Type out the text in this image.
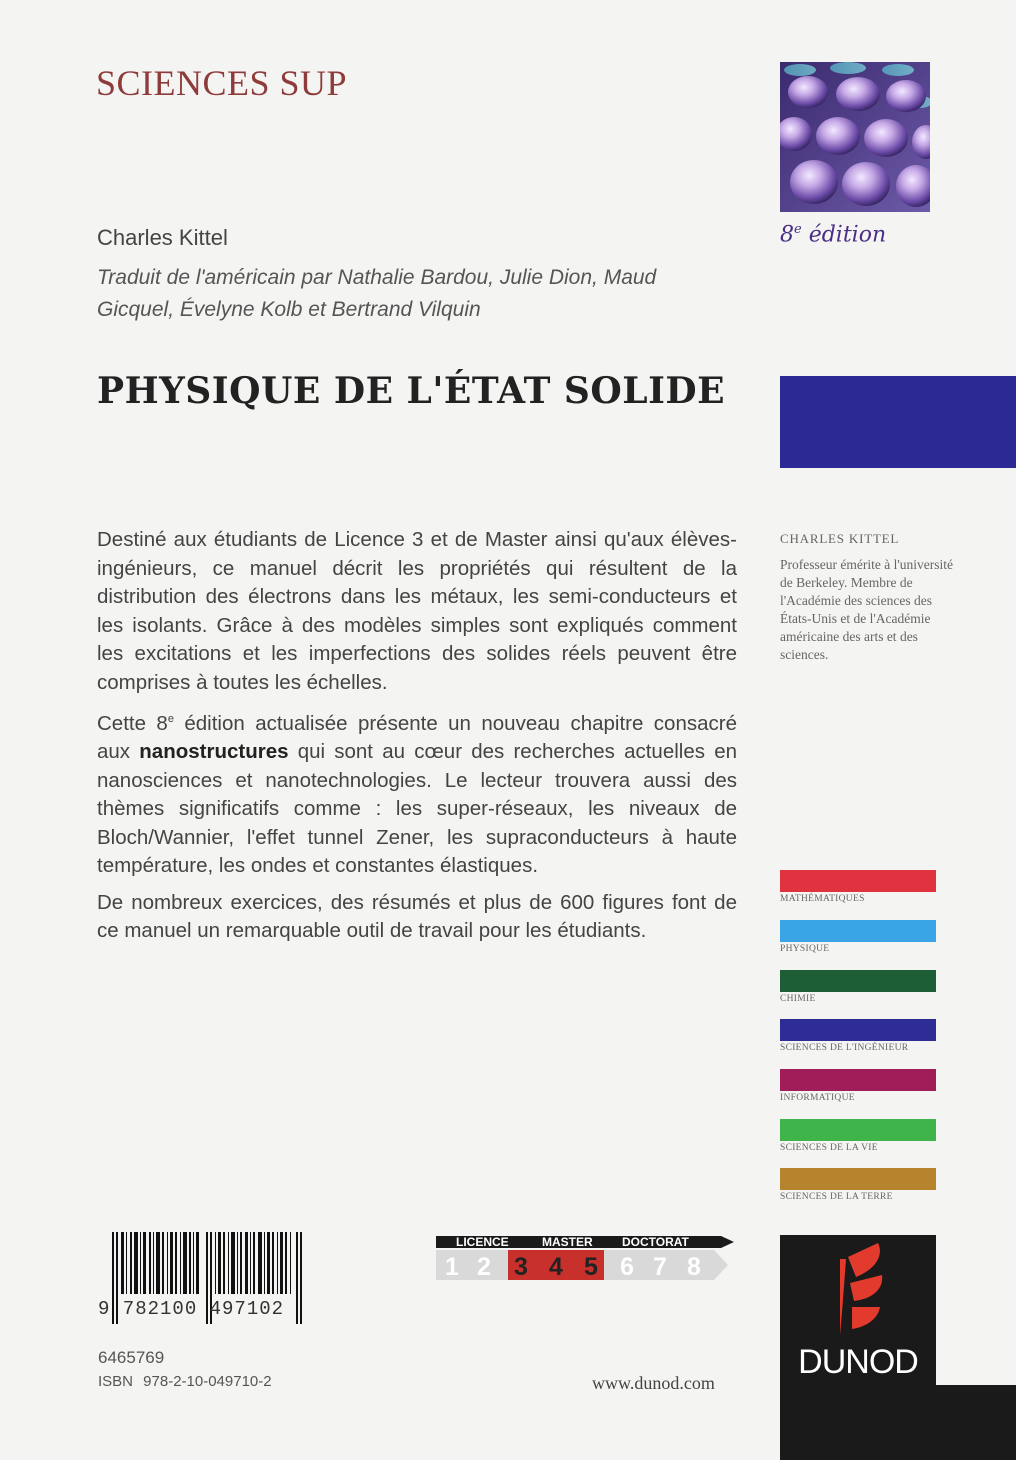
SCIENCES SUP
8e édition
Charles Kittel
Traduit de l'américain par Nathalie Bardou, Julie Dion, Maud Gicquel, Évelyne Kolb et Bertrand Vilquin
PHYSIQUE DE L'ÉTAT SOLIDE

Destiné aux étudiants de Licence 3 et de Master ainsi qu'aux élèves-ingénieurs, ce manuel décrit les propriétés qui résultent de la distribution des électrons dans les métaux, les semi-conducteurs et les isolants. Grâce à des modèles simples sont expliqués comment les excitations et les imperfections des solides réels peuvent être comprises à toutes les échelles.

Cette 8e édition actualisée présente un nouveau chapitre consacré aux nanostructures qui sont au cœur des recherches actuelles en nanosciences et nanotechnologies. Le lecteur trouvera aussi des thèmes significatifs comme : les super-réseaux, les niveaux de Bloch/Wannier, l'effet tunnel Zener, les supraconducteurs à haute température, les ondes et constantes élastiques.

De nombreux exercices, des résumés et plus de 600 figures font de ce manuel un remarquable outil de travail pour les étudiants.

CHARLES KITTEL
Professeur émérite à l'université de Berkeley. Membre de l'Académie des sciences des États-Unis et de l'Académie américaine des arts et des sciences.
MATHÉMATIQUES
PHYSIQUE
CHIMIE
SCIENCES DE L'INGÉNIEUR
INFORMATIQUE
SCIENCES DE LA VIE
SCIENCES DE LA TERRE
9 782100 497102
6465769
ISBN 978-2-10-049710-2
LICENCE	MASTER DOCTORAT
1 2 3 4 5 6 7 8
www.dunod.com
DUNOD
